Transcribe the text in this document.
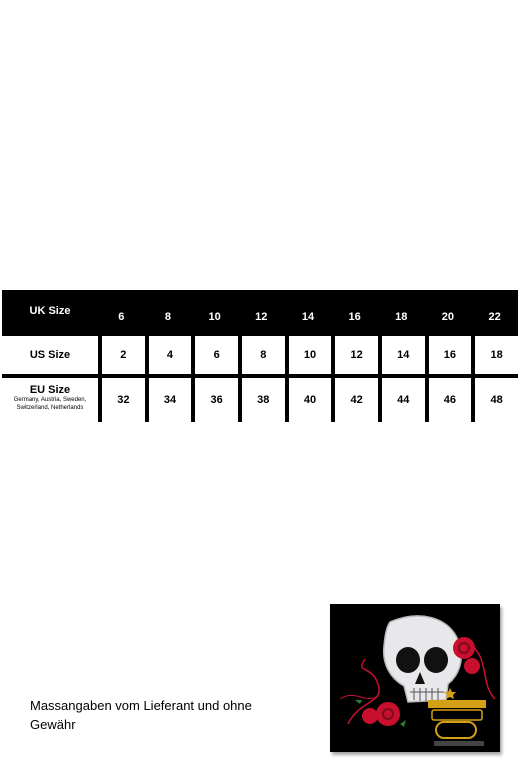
UK Size	6	8	10	12	14	16	18	20	22
US Size	2	4	6	8	10	12	14	16	18

EU Size
Germany, Austria, Sweden, Switzerland, Netherlands	32	34	36	38	40	42	44	46	48
Massangaben vom Lieferant und ohne Gewähr
